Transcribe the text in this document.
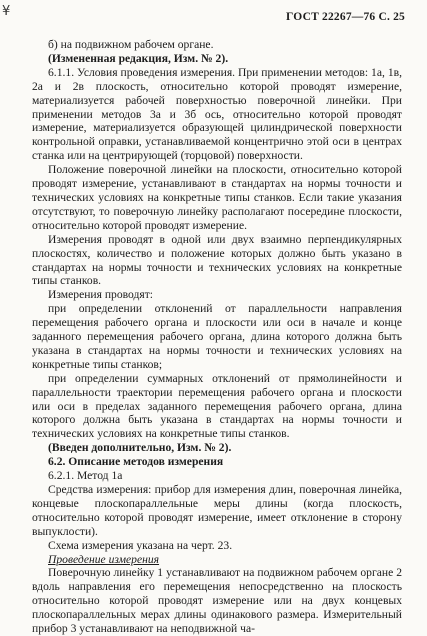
¥	ГОСТ 22267—76 С. 25

б) на подвижном рабочем органе.

(Измененная редакция, Изм. № 2).

6.1.1. Условия проведения измерения. При применении методов: 1а, 1в, 2а и 2в плоскость, относительно которой проводят измерение, материализуется рабочей поверхностью поверочной линейки. При применении методов 3а и 3б ось, относительно которой проводят измерение, материализуется образующей цилиндрической поверхности контрольной оправки, устанавливаемой концентрично этой оси в центрах станка или на центрирующей (торцовой) поверхности.

Положение поверочной линейки на плоскости, относительно которой проводят измерение, устанавливают в стандартах на нормы точности и технических условиях на конкретные типы станков. Если такие указания отсутствуют, то поверочную линейку располагают посередине плоскости, относительно которой проводят измерение.

Измерения проводят в одной или двух взаимно перпендикулярных плоскостях, количество и положение которых должно быть указано в стандартах на нормы точности и технических условиях на конкретные типы станков.

Измерения проводят:

при определении отклонений от параллельности направления перемещения рабочего органа и плоскости или оси в начале и конце заданного перемещения рабочего органа, длина которого должна быть указана в стандартах на нормы точности и технических условиях на конкретные типы станков;

при определении суммарных отклонений от прямолинейности и параллельности траектории перемещения рабочего органа и плоскости или оси в пределах заданного перемещения рабочего органа, длина которого должна быть указана в стандартах на нормы точности и технических условиях на конкретные типы станков.

(Введен дополнительно, Изм. № 2).

6.2. Описание методов измерения

6.2.1. Метод 1а

Средства измерения: прибор для измерения длин, поверочная линейка, концевые плоскопараллельные меры длины (когда плоскость, относительно которой проводят измерение, имеет отклонение в сторону выпуклости).

Схема измерения указана на черт. 23.

Проведение измерения

Поверочную линейку 1 устанавливают на подвижном рабочем органе 2 вдоль направления его перемещения непосредственно на плоскость относительно которой проводят измерение или на двух концевых плоскопараллельных мерах длины одинакового размера. Измерительный прибор 3 устанавливают на неподвижной ча-
